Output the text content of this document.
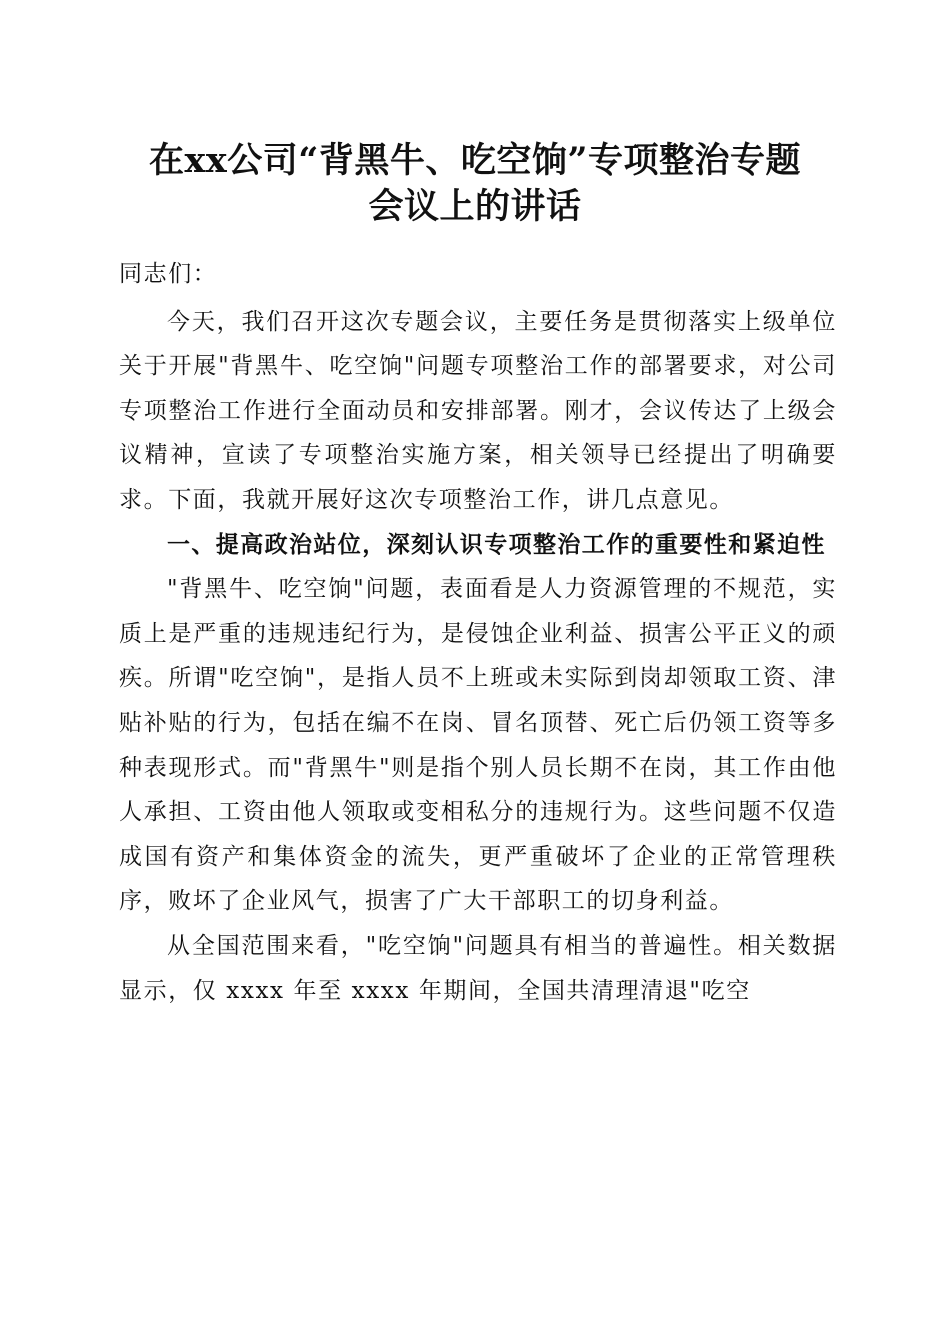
在xx公司“背黑牛、吃空饷”专项整治专题
会议上的讲话

同志们：

今天，我们召开这次专题会议，主要任务是贯彻落实上级单位关于开展"背黑牛、吃空饷"问题专项整治工作的部署要求，对公司专项整治工作进行全面动员和安排部署。刚才，会议传达了上级会议精神，宣读了专项整治实施方案，相关领导已经提出了明确要求。下面，我就开展好这次专项整治工作，讲几点意见。

一、提高政治站位，深刻认识专项整治工作的重要性和紧迫性

"背黑牛、吃空饷"问题，表面看是人力资源管理的不规范，实质上是严重的违规违纪行为，是侵蚀企业利益、损害公平正义的顽疾。所谓"吃空饷"，是指人员不上班或未实际到岗却领取工资、津贴补贴的行为，包括在编不在岗、冒名顶替、死亡后仍领工资等多种表现形式。而"背黑牛"则是指个别人员长期不在岗，其工作由他人承担、工资由他人领取或变相私分的违规行为。这些问题不仅造成国有资产和集体资金的流失，更严重破坏了企业的正常管理秩序，败坏了企业风气，损害了广大干部职工的切身利益。

从全国范围来看，"吃空饷"问题具有相当的普遍性。相关数据显示，仅 xxxx 年至 xxxx 年期间，全国共清理清退"吃空
